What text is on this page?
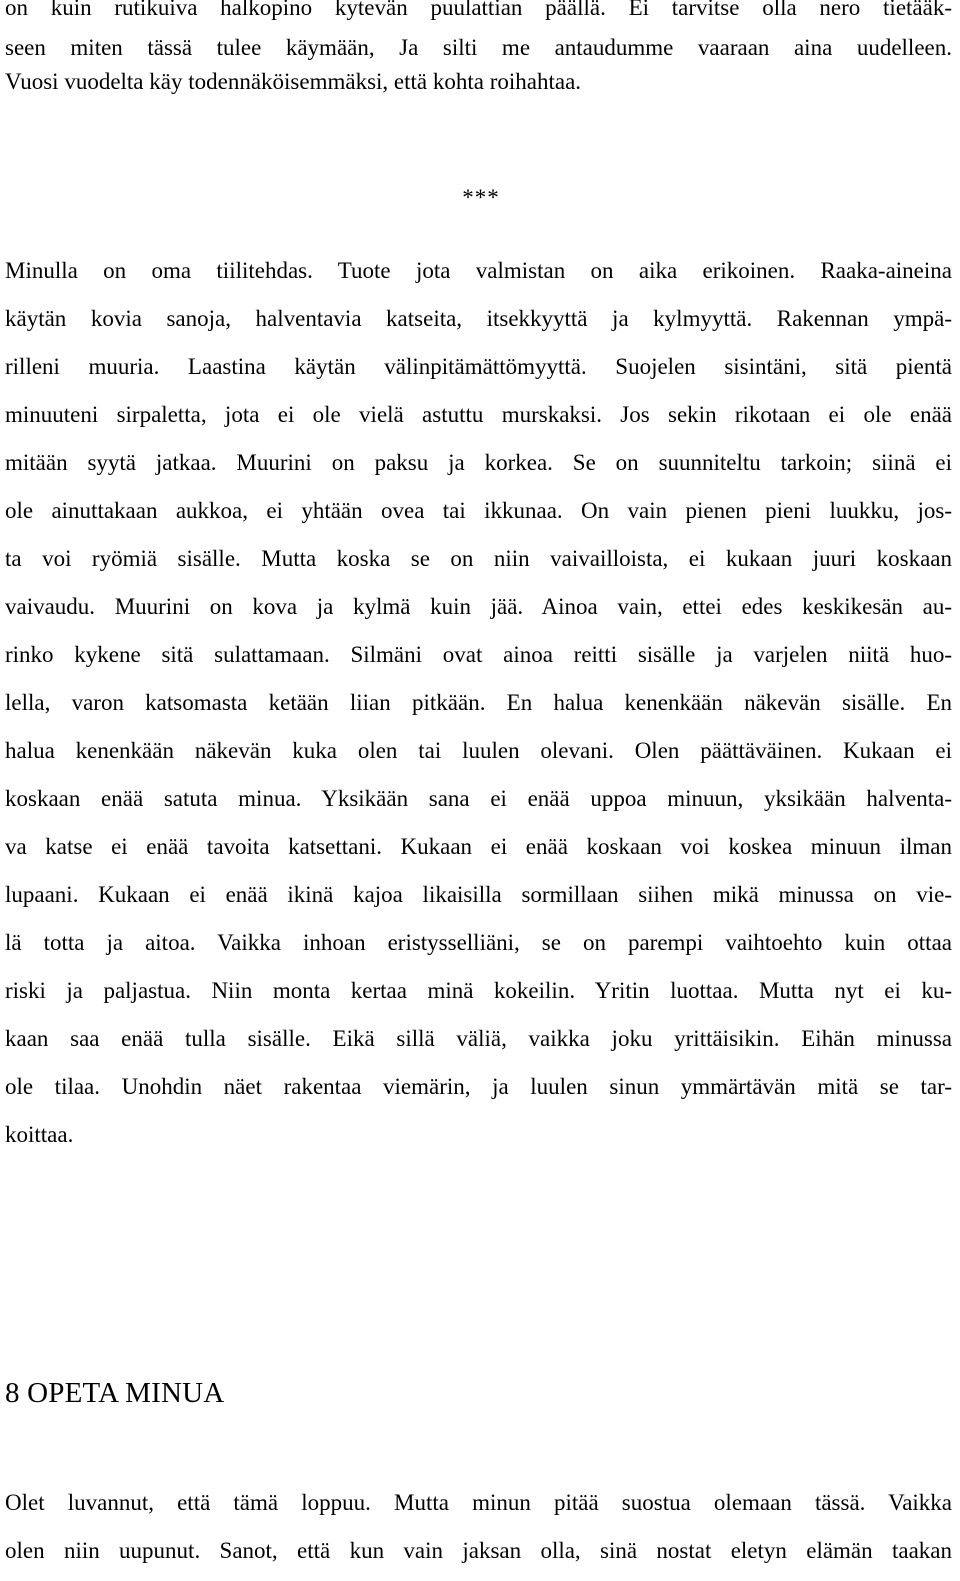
on kuin rutikuiva halkopino kytevän puulattian päällä. Ei tarvitse olla nero tietääk-
seen miten tässä tulee käymään, Ja silti me antaudumme vaaraan aina uudelleen.
Vuosi vuodelta käy todennäköisemmäksi, että kohta roihahtaa.
***
Minulla on oma tiilitehdas. Tuote jota valmistan on aika erikoinen. Raaka-aineina
käytän kovia sanoja, halventavia katseita, itsekkyyttä ja kylmyyttä. Rakennan ympä-
rilleni muuria. Laastina käytän välinpitämättömyyttä. Suojelen sisintäni, sitä pientä
minuuteni sirpaletta, jota ei ole vielä astuttu murskaksi. Jos sekin rikotaan ei ole enää
mitään syytä jatkaa. Muurini on paksu ja korkea. Se on suunniteltu tarkoin; siinä ei
ole ainuttakaan aukkoa, ei yhtään ovea tai ikkunaa. On vain pienen pieni luukku, jos-
ta voi ryömiä sisälle. Mutta koska se on niin vaivailloista, ei kukaan juuri koskaan
vaivaudu. Muurini on kova ja kylmä kuin jää. Ainoa vain, ettei edes keskikesän au-
rinko kykene sitä sulattamaan. Silmäni ovat ainoa reitti sisälle ja varjelen niitä huo-
lella, varon katsomasta ketään liian pitkään. En halua kenenkään näkevän sisälle. En
halua kenenkään näkevän kuka olen tai luulen olevani. Olen päättäväinen. Kukaan ei
koskaan enää satuta minua. Yksikään sana ei enää uppoa minuun, yksikään halventa-
va katse ei enää tavoita katsettani. Kukaan ei enää koskaan voi koskea minuun ilman
lupaani. Kukaan ei enää ikinä kajoa likaisilla sormillaan siihen mikä minussa on vie-
lä totta ja aitoa. Vaikka inhoan eristysselliäni, se on parempi vaihtoehto kuin ottaa
riski ja paljastua. Niin monta kertaa minä kokeilin. Yritin luottaa. Mutta nyt ei ku-
kaan saa enää tulla sisälle. Eikä sillä väliä, vaikka joku yrittäisikin. Eihän minussa
ole tilaa. Unohdin näet rakentaa viemärin, ja luulen sinun ymmärtävän mitä se tar-
koittaa.
8 OPETA MINUA
Olet luvannut, että tämä loppuu. Mutta minun pitää suostua olemaan tässä. Vaikka
olen niin uupunut. Sanot, että kun vain jaksan olla, sinä nostat eletyn elämän taakan
